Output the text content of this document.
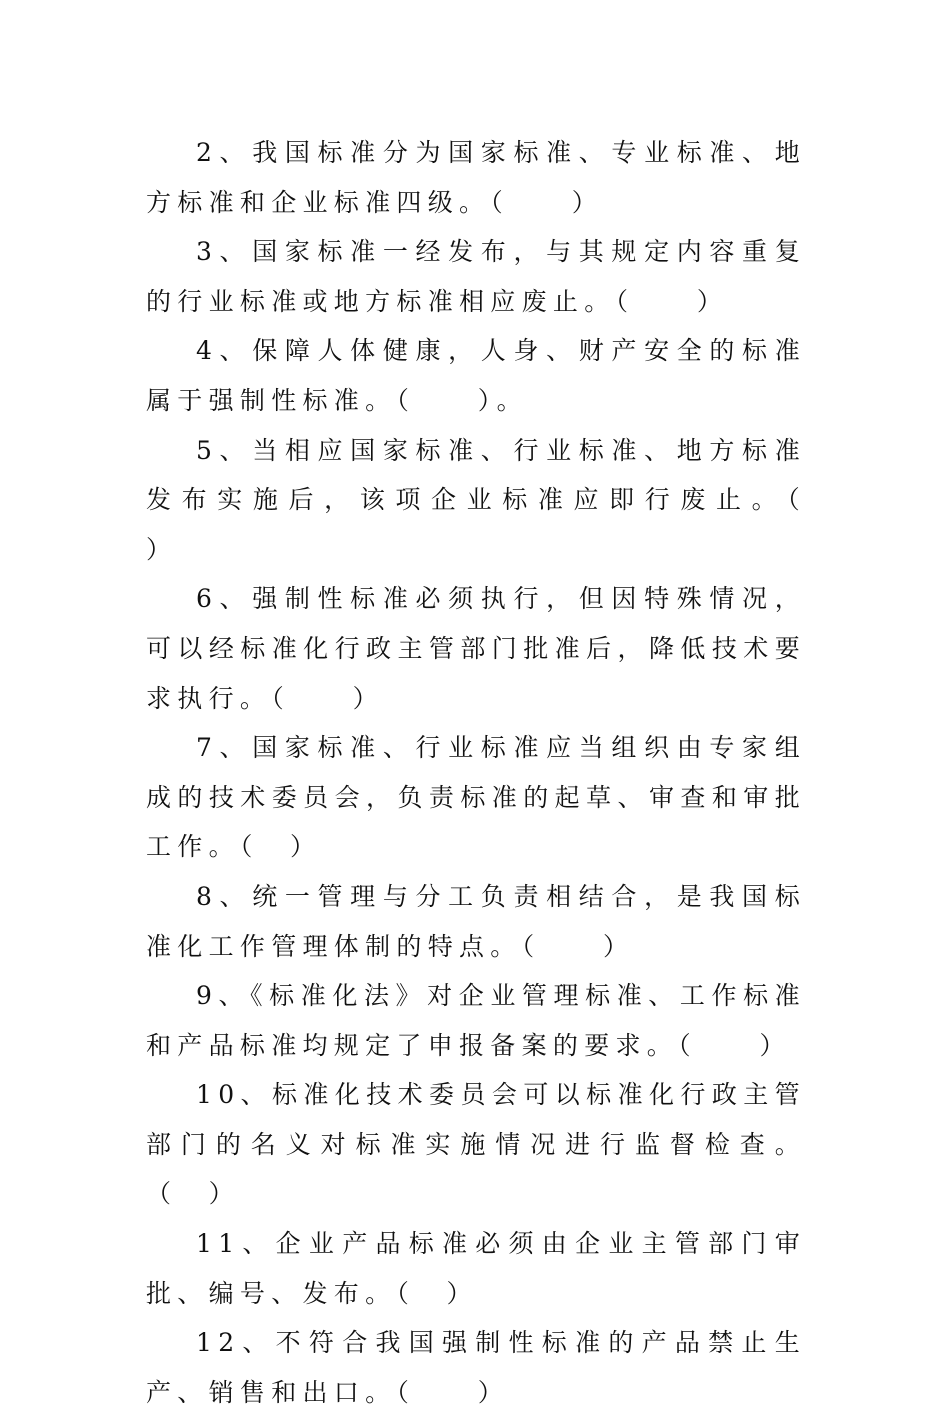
2、我国标准分为国家标准、专业标准、地方标准和企业标准四级。（　　）

3、国家标准一经发布，与其规定内容重复的行业标准或地方标准相应废止。（　　）

4、保障人体健康，人身、财产安全的标准属于强制性标准。（　　）。

5、当相应国家标准、行业标准、地方标准发布实施后，该项企业标准应即行废止。（　　）

6、强制性标准必须执行，但因特殊情况，可以经标准化行政主管部门批准后，降低技术要求执行。（　　）

7、国家标准、行业标准应当组织由专家组成的技术委员会，负责标准的起草、审查和审批工作。（　）

8、统一管理与分工负责相结合，是我国标准化工作管理体制的特点。（　　）

9、《标准化法》对企业管理标准、工作标准和产品标准均规定了申报备案的要求。（　　）

10、标准化技术委员会可以标准化行政主管部门的名义对标准实施情况进行监督检查。（　）

11、企业产品标准必须由企业主管部门审批、编号、发布。（　）

12、不符合我国强制性标准的产品禁止生产、销售和出口。（　　）
